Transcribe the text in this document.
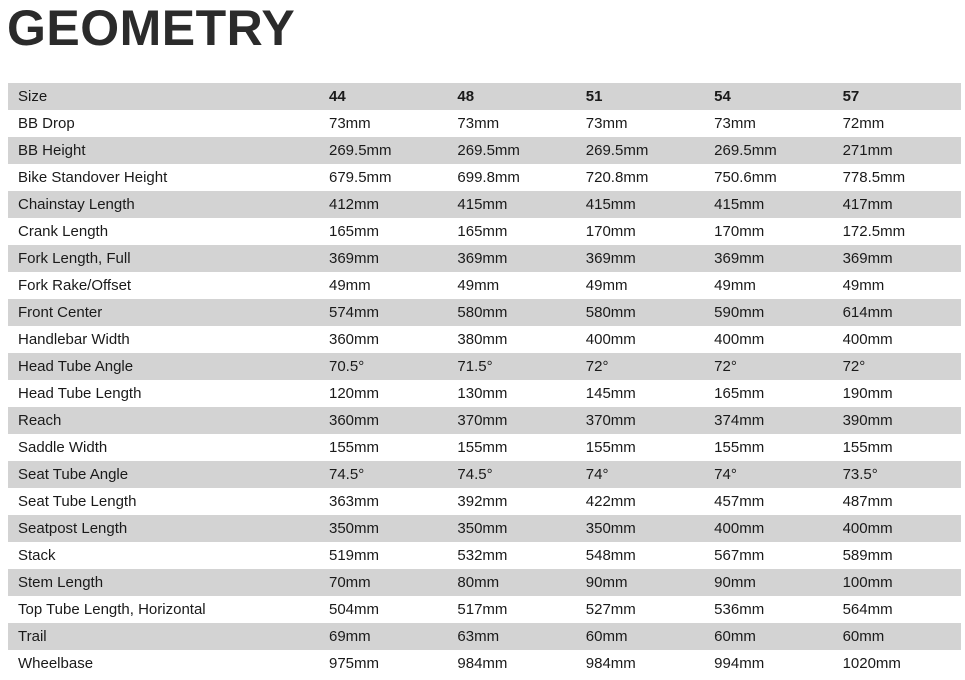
GEOMETRY
Size	44	48	51	54	57
BB Drop	73mm	73mm	73mm	73mm	72mm
BB Height	269.5mm	269.5mm	269.5mm	269.5mm	271mm
Bike Standover Height	679.5mm	699.8mm	720.8mm	750.6mm	778.5mm
Chainstay Length	412mm	415mm	415mm	415mm	417mm
Crank Length	165mm	165mm	170mm	170mm	172.5mm
Fork Length, Full	369mm	369mm	369mm	369mm	369mm
Fork Rake/Offset	49mm	49mm	49mm	49mm	49mm
Front Center	574mm	580mm	580mm	590mm	614mm
Handlebar Width	360mm	380mm	400mm	400mm	400mm
Head Tube Angle	70.5°	71.5°	72°	72°	72°
Head Tube Length	120mm	130mm	145mm	165mm	190mm
Reach	360mm	370mm	370mm	374mm	390mm
Saddle Width	155mm	155mm	155mm	155mm	155mm
Seat Tube Angle	74.5°	74.5°	74°	74°	73.5°
Seat Tube Length	363mm	392mm	422mm	457mm	487mm
Seatpost Length	350mm	350mm	350mm	400mm	400mm
Stack	519mm	532mm	548mm	567mm	589mm
Stem Length	70mm	80mm	90mm	90mm	100mm
Top Tube Length, Horizontal	504mm	517mm	527mm	536mm	564mm
Trail	69mm	63mm	60mm	60mm	60mm
Wheelbase	975mm	984mm	984mm	994mm	1020mm
